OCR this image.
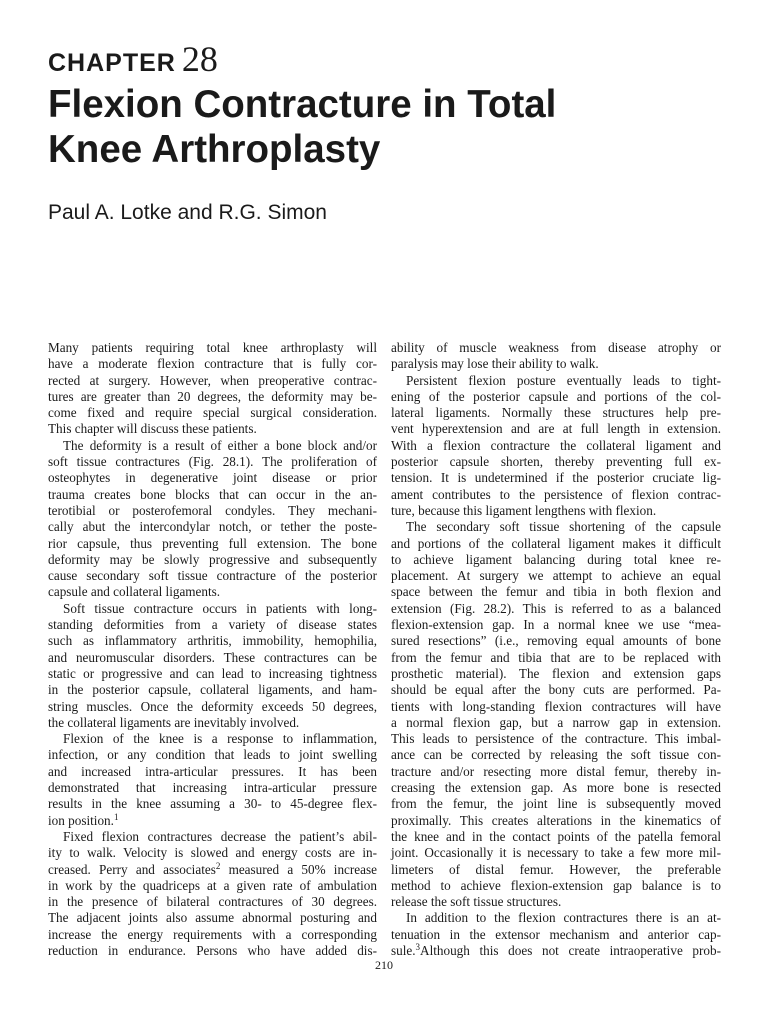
CHAPTER 28
Flexion Contracture in Total
Knee Arthroplasty

Paul A. Lotke and R.G. Simon

Many patients requiring total knee arthroplasty will

have a moderate flexion contracture that is fully cor-

rected at surgery. However, when preoperative contrac-

tures are greater than 20 degrees, the deformity may be-

come fixed and require special surgical consideration.

This chapter will discuss these patients.

The deformity is a result of either a bone block and/or

soft tissue contractures (Fig. 28.1). The proliferation of

osteophytes in degenerative joint disease or prior

trauma creates bone blocks that can occur in the an-

terotibial or posterofemoral condyles. They mechani-

cally abut the intercondylar notch, or tether the poste-

rior capsule, thus preventing full extension. The bone

deformity may be slowly progressive and subsequently

cause secondary soft tissue contracture of the posterior

capsule and collateral ligaments.

Soft tissue contracture occurs in patients with long-

standing deformities from a variety of disease states

such as inflammatory arthritis, immobility, hemophilia,

and neuromuscular disorders. These contractures can be

static or progressive and can lead to increasing tightness

in the posterior capsule, collateral ligaments, and ham-

string muscles. Once the deformity exceeds 50 degrees,

the collateral ligaments are inevitably involved.

Flexion of the knee is a response to inflammation,

infection, or any condition that leads to joint swelling

and increased intra-articular pressures. It has been

demonstrated that increasing intra-articular pressure

results in the knee assuming a 30- to 45-degree flex-

ion position.$^1$

Fixed flexion contractures decrease the patient’s abil-

ity to walk. Velocity is slowed and energy costs are in-

creased. Perry and associates$^2$ measured a 50% increase

in work by the quadriceps at a given rate of ambulation

in the presence of bilateral contractures of 30 degrees.

The adjacent joints also assume abnormal posturing and

increase the energy requirements with a corresponding

reduction in endurance. Persons who have added dis-

ability of muscle weakness from disease atrophy or

paralysis may lose their ability to walk.

Persistent flexion posture eventually leads to tight-

ening of the posterior capsule and portions of the col-

lateral ligaments. Normally these structures help pre-

vent hyperextension and are at full length in extension.

With a flexion contracture the collateral ligament and

posterior capsule shorten, thereby preventing full ex-

tension. It is undetermined if the posterior cruciate lig-

ament contributes to the persistence of flexion contrac-

ture, because this ligament lengthens with flexion.

The secondary soft tissue shortening of the capsule

and portions of the collateral ligament makes it difficult

to achieve ligament balancing during total knee re-

placement. At surgery we attempt to achieve an equal

space between the femur and tibia in both flexion and

extension (Fig. 28.2). This is referred to as a balanced

flexion-extension gap. In a normal knee we use “mea-

sured resections” (i.e., removing equal amounts of bone

from the femur and tibia that are to be replaced with

prosthetic material). The flexion and extension gaps

should be equal after the bony cuts are performed. Pa-

tients with long-standing flexion contractures will have

a normal flexion gap, but a narrow gap in extension.

This leads to persistence of the contracture. This imbal-

ance can be corrected by releasing the soft tissue con-

tracture and/or resecting more distal femur, thereby in-

creasing the extension gap. As more bone is resected

from the femur, the joint line is subsequently moved

proximally. This creates alterations in the kinematics of

the knee and in the contact points of the patella femoral

joint. Occasionally it is necessary to take a few more mil-

limeters of distal femur. However, the preferable

method to achieve flexion-extension gap balance is to

release the soft tissue structures.

In addition to the flexion contractures there is an at-

tenuation in the extensor mechanism and anterior cap-

sule.$^3$Although this does not create intraoperative prob-

210
